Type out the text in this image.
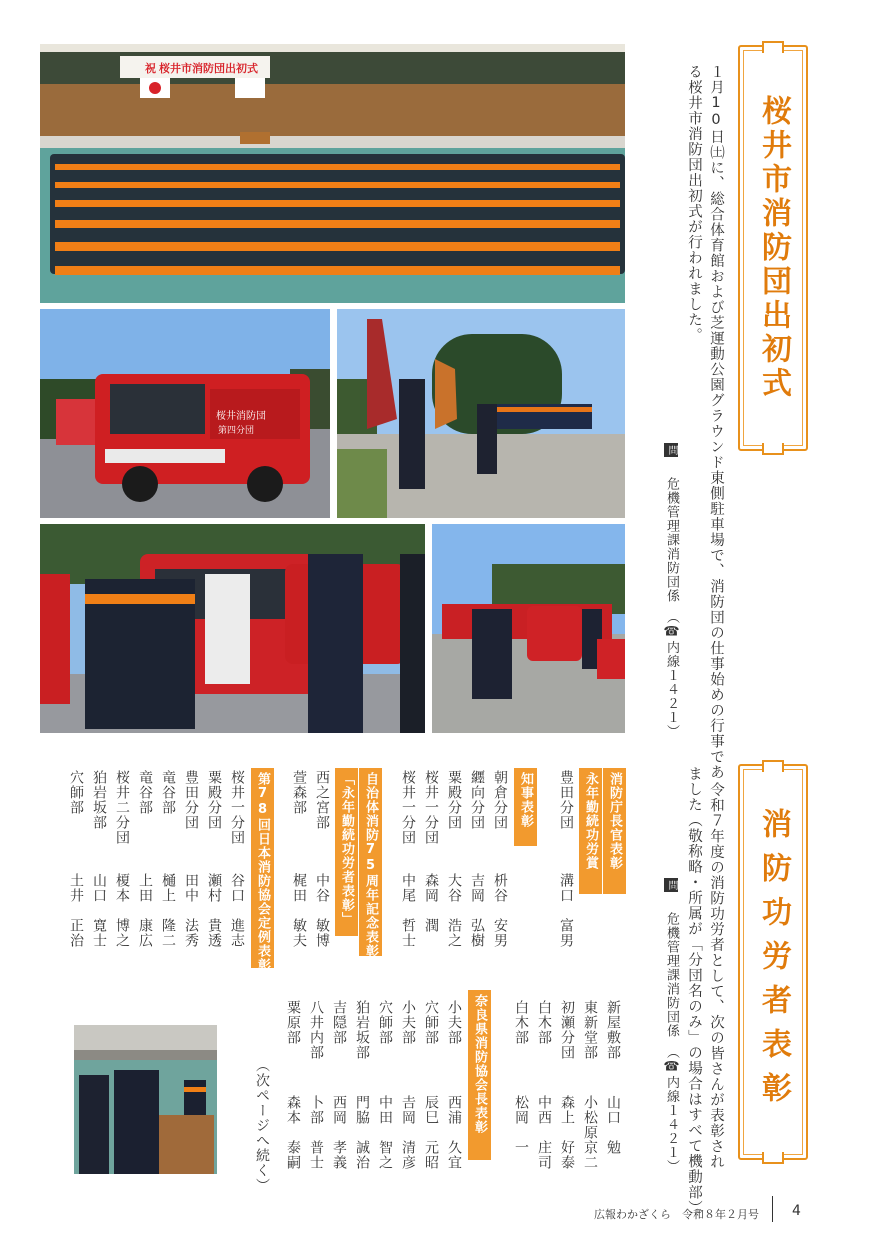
祝 桜井市消防団出初式
桜井消防団
第四分団
桜井市消防団出初式
１月10日㈯に、総合体育館および芝運動公園グラウンド東側駐車場で、消防団の仕事始めの行事であ
る桜井市消防団出初式が行われました。
問 危機管理課消防団係　（☎内線１４２１）
消防功労者表彰
令和７年度の消防功労者として、次の皆さんが表彰され
ました（敬称略・所属が「分団名のみ」の場合はすべて機動部）。
問 危機管理課消防団係　（☎内線１４２１）
消防庁長官表彰
永年勤続功労賞
豊田分団
溝口　富男
知事表彰
朝倉分団
枡谷　安男
纒向分団
吉岡　弘樹
粟殿分団
大谷　浩之
桜井一分団
森岡　潤
桜井一分団
中尾　哲士
自治体消防75周年記念表彰
「永年勤続功労者表彰」
西之宮部
中谷　敏博
萱森部
梶田　敏夫
第78回日本消防協会定例表彰
桜井一分団
谷口　進志
粟殿分団
瀬村　貴透
豊田分団
田中　法秀
竜谷部
樋上　隆二
竜谷部
上田　康広
桜井二分団
榎本　博之
狛岩坂部
山口　寛士
穴師部
土井　正治
新屋敷部
山口　勉
東新堂部
小松原京二
初瀬分団
森上　好泰
白木部
中西　庄司
白木部
松岡　一
奈良県消防協会長表彰
小夫部
西浦　久宜
穴師部
辰巳　元昭
小夫部
𠮷岡　清彦
穴師部
中田　智之
狛岩坂部
門脇　誠治
吉隠部
西岡　孝義
八井内部
卜部　普士
粟原部
森本　泰嗣
（次ページへ続く）
広報わかざくら　令和８年２月号 4
